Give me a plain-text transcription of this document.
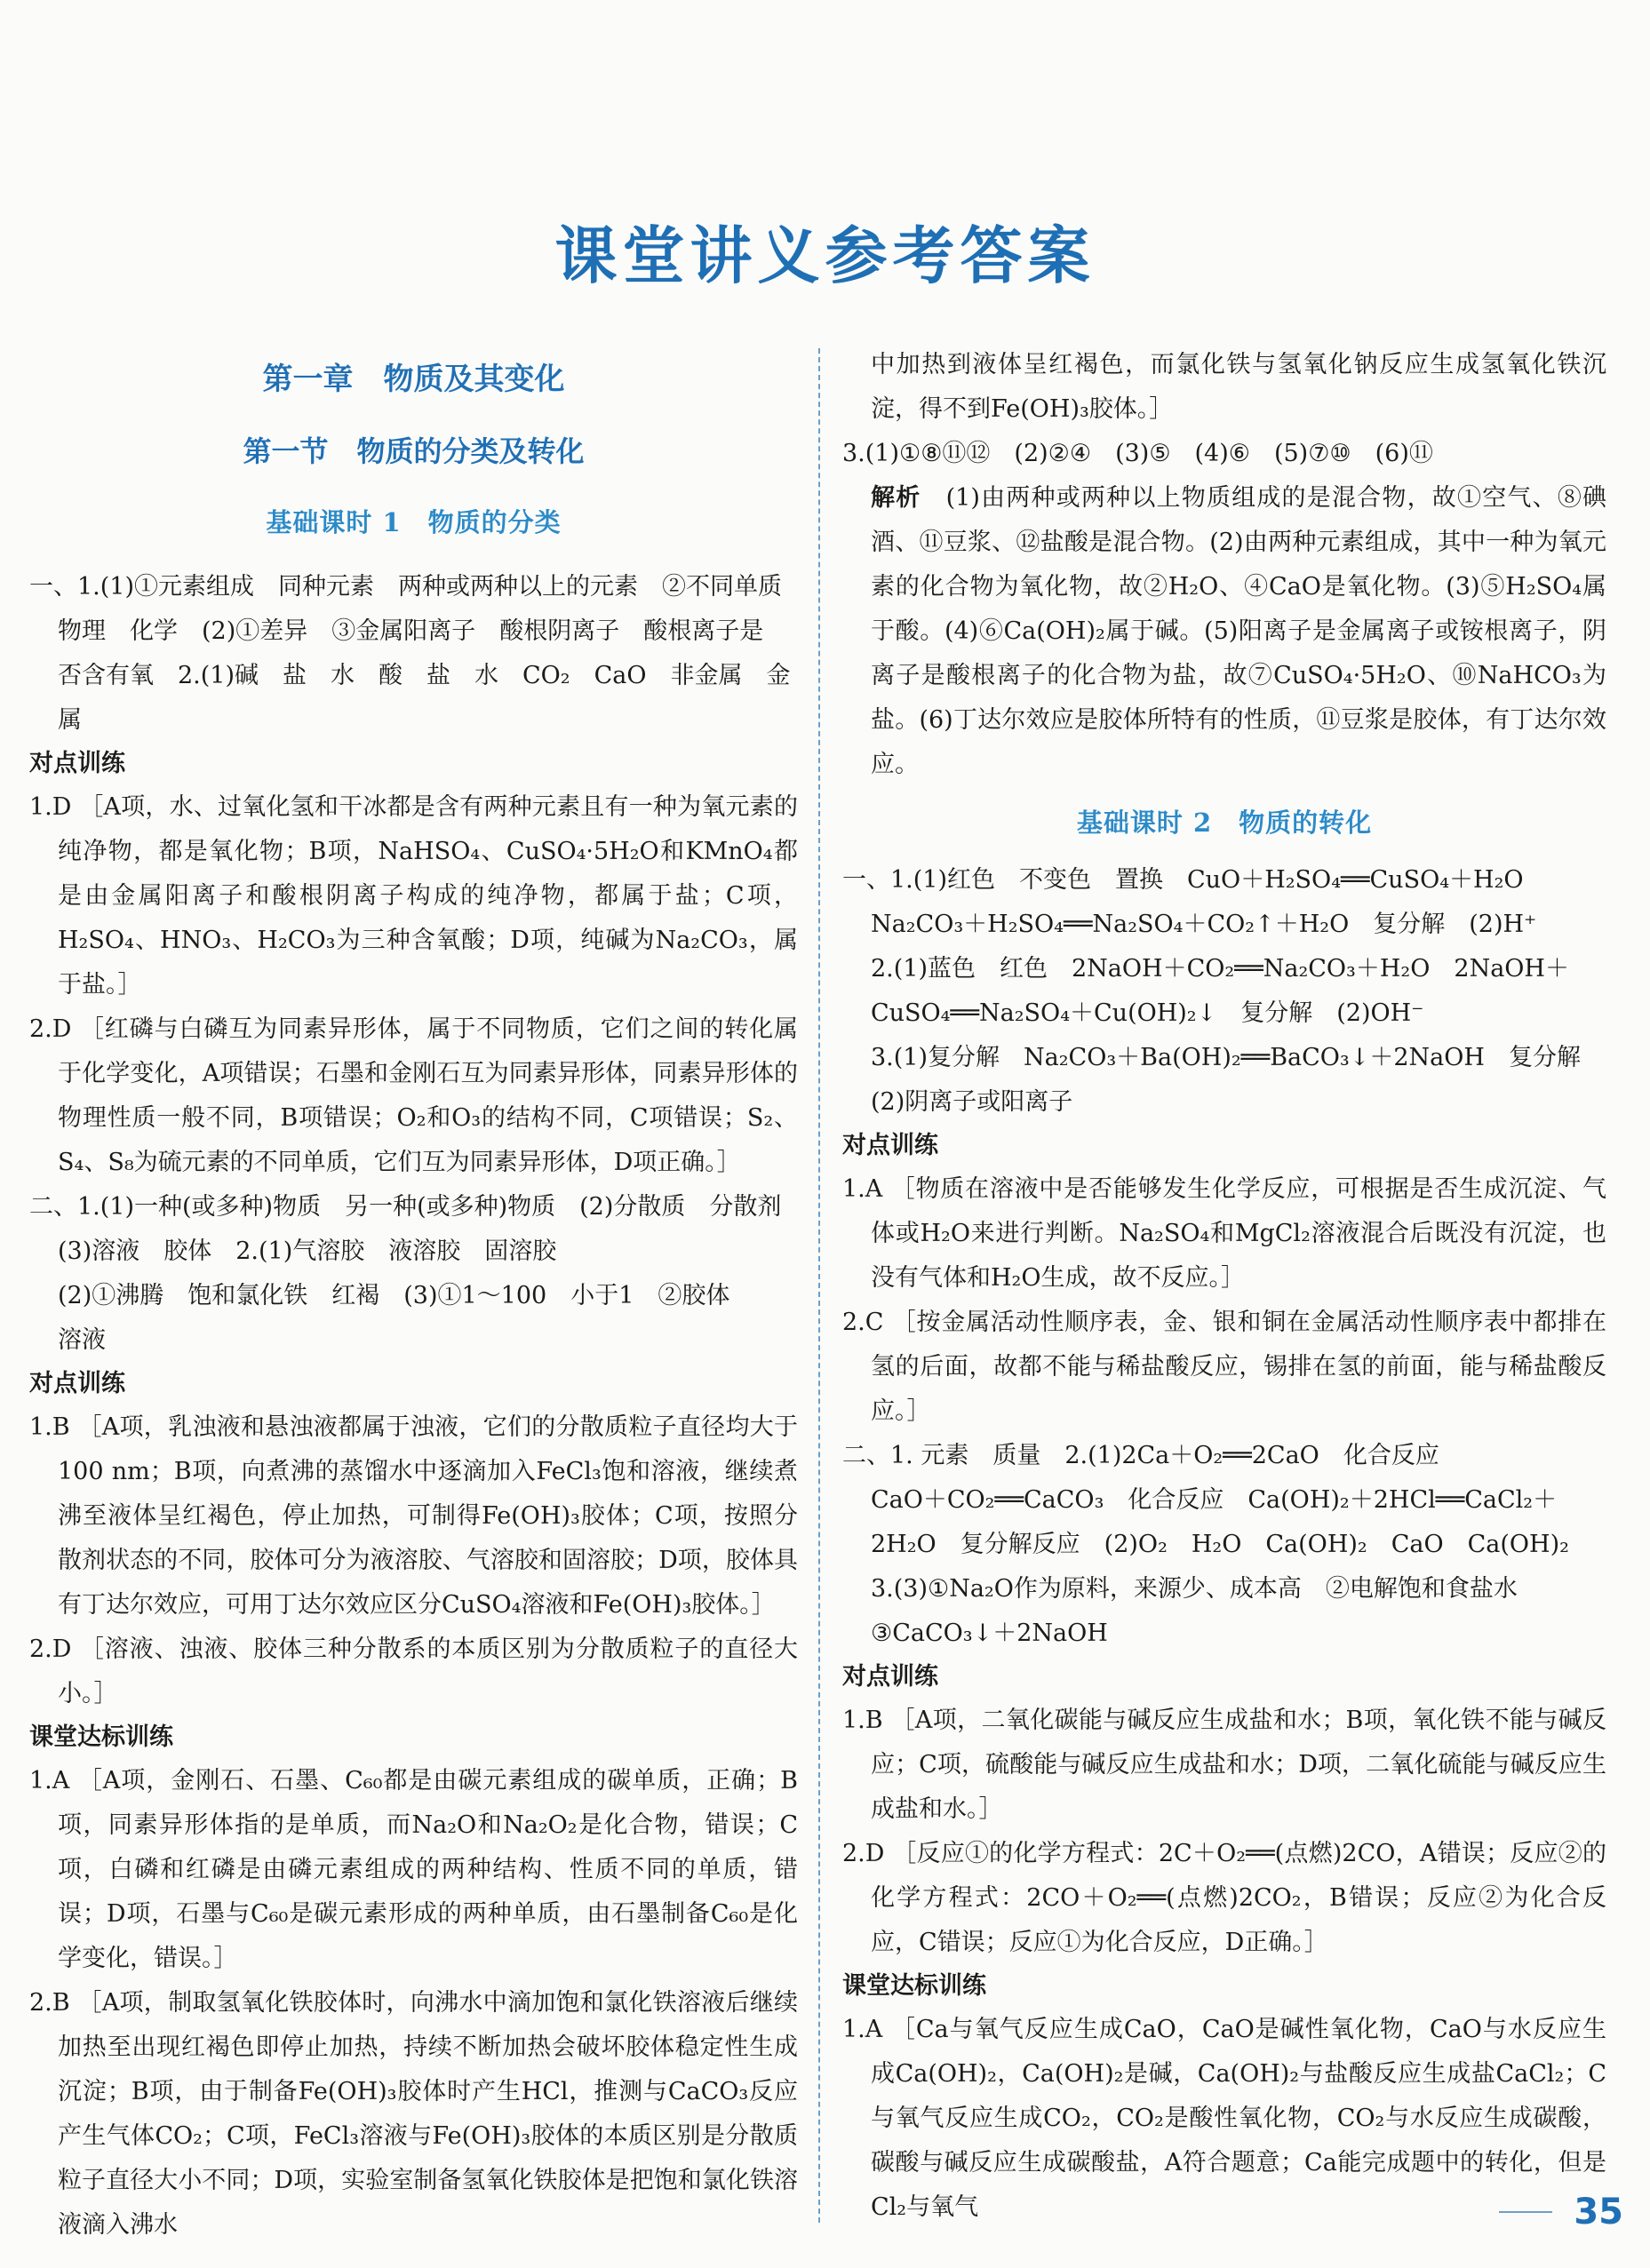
课堂讲义参考答案
第一章　物质及其变化
第一节　物质的分类及转化
基础课时 1　物质的分类

一、1.(1)①元素组成　同种元素　两种或两种以上的元素　②不同单质

物理　化学　(2)①差异　③金属阳离子　酸根阴离子　酸根离子是

否含有氧　2.(1)碱　盐　水　酸　盐　水　CO₂　CaO　非金属　金

属

对点训练

1.D ［A项，水、过氧化氢和干冰都是含有两种元素且有一种为氧元素的纯净物，都是氧化物；B项，NaHSO₄、CuSO₄·5H₂O和KMnO₄都是由金属阳离子和酸根阴离子构成的纯净物，都属于盐；C项，H₂SO₄、HNO₃、H₂CO₃为三种含氧酸；D项，纯碱为Na₂CO₃，属于盐。］

2.D ［红磷与白磷互为同素异形体，属于不同物质，它们之间的转化属于化学变化，A项错误；石墨和金刚石互为同素异形体，同素异形体的物理性质一般不同，B项错误；O₂和O₃的结构不同，C项错误；S₂、S₄、S₈为硫元素的不同单质，它们互为同素异形体，D项正确。］

二、1.(1)一种(或多种)物质　另一种(或多种)物质　(2)分散质　分散剂

(3)溶液　胶体　2.(1)气溶胶　液溶胶　固溶胶

(2)①沸腾　饱和氯化铁　红褐　(3)①1～100　小于1　②胶体

溶液

对点训练

1.B ［A项，乳浊液和悬浊液都属于浊液，它们的分散质粒子直径均大于100 nm；B项，向煮沸的蒸馏水中逐滴加入FeCl₃饱和溶液，继续煮沸至液体呈红褐色，停止加热，可制得Fe(OH)₃胶体；C项，按照分散剂状态的不同，胶体可分为液溶胶、气溶胶和固溶胶；D项，胶体具有丁达尔效应，可用丁达尔效应区分CuSO₄溶液和Fe(OH)₃胶体。］

2.D ［溶液、浊液、胶体三种分散系的本质区别为分散质粒子的直径大小。］

课堂达标训练

1.A ［A项，金刚石、石墨、C₆₀都是由碳元素组成的碳单质，正确；B项，同素异形体指的是单质，而Na₂O和Na₂O₂是化合物，错误；C项，白磷和红磷是由磷元素组成的两种结构、性质不同的单质，错误；D项，石墨与C₆₀是碳元素形成的两种单质，由石墨制备C₆₀是化学变化，错误。］

2.B ［A项，制取氢氧化铁胶体时，向沸水中滴加饱和氯化铁溶液后继续加热至出现红褐色即停止加热，持续不断加热会破坏胶体稳定性生成沉淀；B项，由于制备Fe(OH)₃胶体时产生HCl，推测与CaCO₃反应产生气体CO₂；C项，FeCl₃溶液与Fe(OH)₃胶体的本质区别是分散质粒子直径大小不同；D项，实验室制备氢氧化铁胶体是把饱和氯化铁溶液滴入沸水

中加热到液体呈红褐色，而氯化铁与氢氧化钠反应生成氢氧化铁沉淀，得不到Fe(OH)₃胶体。］

3.(1)①⑧⑪⑫　(2)②④　(3)⑤　(4)⑥　(5)⑦⑩　(6)⑪

解析　 (1)由两种或两种以上物质组成的是混合物，故①空气、⑧碘酒、⑪豆浆、⑫盐酸是混合物。(2)由两种元素组成，其中一种为氧元素的化合物为氧化物，故②H₂O、④CaO是氧化物。(3)⑤H₂SO₄属于酸。(4)⑥Ca(OH)₂属于碱。(5)阳离子是金属离子或铵根离子，阴离子是酸根离子的化合物为盐，故⑦CuSO₄·5H₂O、⑩NaHCO₃为盐。(6)丁达尔效应是胶体所特有的性质，⑪豆浆是胶体，有丁达尔效应。

基础课时 2　物质的转化

一、1.(1)红色　不变色　置换　CuO＋H₂SO₄══CuSO₄＋H₂O

Na₂CO₃＋H₂SO₄══Na₂SO₄＋CO₂↑＋H₂O　复分解　(2)H⁺

2.(1)蓝色　红色　2NaOH＋CO₂══Na₂CO₃＋H₂O　2NaOH＋

CuSO₄══Na₂SO₄＋Cu(OH)₂↓　复分解　(2)OH⁻

3.(1)复分解　Na₂CO₃＋Ba(OH)₂══BaCO₃↓＋2NaOH　复分解

(2)阴离子或阳离子

对点训练

1.A ［物质在溶液中是否能够发生化学反应，可根据是否生成沉淀、气体或H₂O来进行判断。Na₂SO₄和MgCl₂溶液混合后既没有沉淀，也没有气体和H₂O生成，故不反应。］

2.C ［按金属活动性顺序表，金、银和铜在金属活动性顺序表中都排在氢的后面，故都不能与稀盐酸反应，锡排在氢的前面，能与稀盐酸反应。］

二、1. 元素　质量　2.(1)2Ca＋O₂══2CaO　化合反应

CaO＋CO₂══CaCO₃　化合反应　Ca(OH)₂＋2HCl══CaCl₂＋

2H₂O　复分解反应　(2)O₂　H₂O　Ca(OH)₂　CaO　Ca(OH)₂

3.(3)①Na₂O作为原料，来源少、成本高　②电解饱和食盐水

③CaCO₃↓＋2NaOH

对点训练

1.B ［A项，二氧化碳能与碱反应生成盐和水；B项，氧化铁不能与碱反应；C项，硫酸能与碱反应生成盐和水；D项，二氧化硫能与碱反应生成盐和水。］

2.D ［反应①的化学方程式：2C＋O₂══(点燃)2CO，A错误；反应②的化学方程式：2CO＋O₂══(点燃)2CO₂，B错误；反应②为化合反应，C错误；反应①为化合反应，D正确。］

课堂达标训练

1.A ［Ca与氧气反应生成CaO，CaO是碱性氧化物，CaO与水反应生成Ca(OH)₂，Ca(OH)₂是碱，Ca(OH)₂与盐酸反应生成盐CaCl₂；C与氧气反应生成CO₂，CO₂是酸性氧化物，CO₂与水反应生成碳酸，碳酸与碱反应生成碳酸盐，A符合题意；Ca能完成题中的转化，但是Cl₂与氧气	35
